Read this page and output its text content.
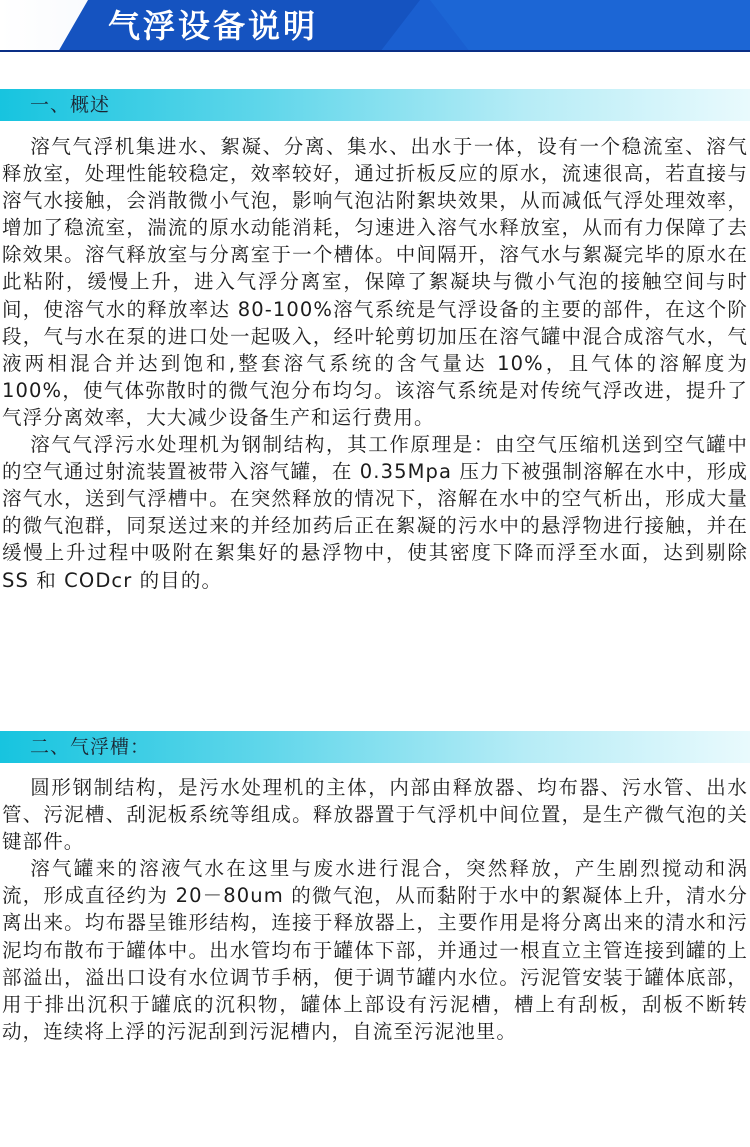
气浮设备说明
一、概述

溶气气浮机集进水、絮凝、分离、集水、出水于一体，设有一个稳流室、溶气释放室，处理性能较稳定，效率较好，通过折板反应的原水，流速很高，若直接与溶气水接触，会消散微小气泡，影响气泡沾附絮块效果，从而减低气浮处理效率，增加了稳流室，湍流的原水动能消耗，匀速进入溶气水释放室，从而有力保障了去除效果。溶气释放室与分离室于一个槽体。中间隔开，溶气水与絮凝完毕的原水在此粘附，缓慢上升，进入气浮分离室，保障了絮凝块与微小气泡的接触空间与时间，使溶气水的释放率达 80-100%溶气系统是气浮设备的主要的部件，在这个阶段，气与水在泵的进口处一起吸入，经叶轮剪切加压在溶气罐中混合成溶气水，气液两相混合并达到饱和,整套溶气系统的含气量达 10%，且气体的溶解度为 100%，使气体弥散时的微气泡分布均匀。该溶气系统是对传统气浮改进，提升了气浮分离效率，大大减少设备生产和运行费用。

溶气气浮污水处理机为钢制结构，其工作原理是：由空气压缩机送到空气罐中的空气通过射流装置被带入溶气罐，在 0.35Mpa 压力下被强制溶解在水中，形成溶气水，送到气浮槽中。在突然释放的情况下，溶解在水中的空气析出，形成大量的微气泡群，同泵送过来的并经加药后正在絮凝的污水中的悬浮物进行接触，并在缓慢上升过程中吸附在絮集好的悬浮物中，使其密度下降而浮至水面，达到剔除 SS 和 CODcr 的目的。

二、气浮槽：

圆形钢制结构，是污水处理机的主体，内部由释放器、均布器、污水管、出水管、污泥槽、刮泥板系统等组成。释放器置于气浮机中间位置，是生产微气泡的关键部件。

溶气罐来的溶液气水在这里与废水进行混合，突然释放，产生剧烈搅动和涡流，形成直径约为 20－80um 的微气泡，从而黏附于水中的絮凝体上升，清水分离出来。均布器呈锥形结构，连接于释放器上，主要作用是将分离出来的清水和污泥均布散布于罐体中。出水管均布于罐体下部，并通过一根直立主管连接到罐的上部溢出，溢出口设有水位调节手柄，便于调节罐内水位。污泥管安装于罐体底部，用于排出沉积于罐底的沉积物，罐体上部设有污泥槽，槽上有刮板，刮板不断转动，连续将上浮的污泥刮到污泥槽内，自流至污泥池里。
